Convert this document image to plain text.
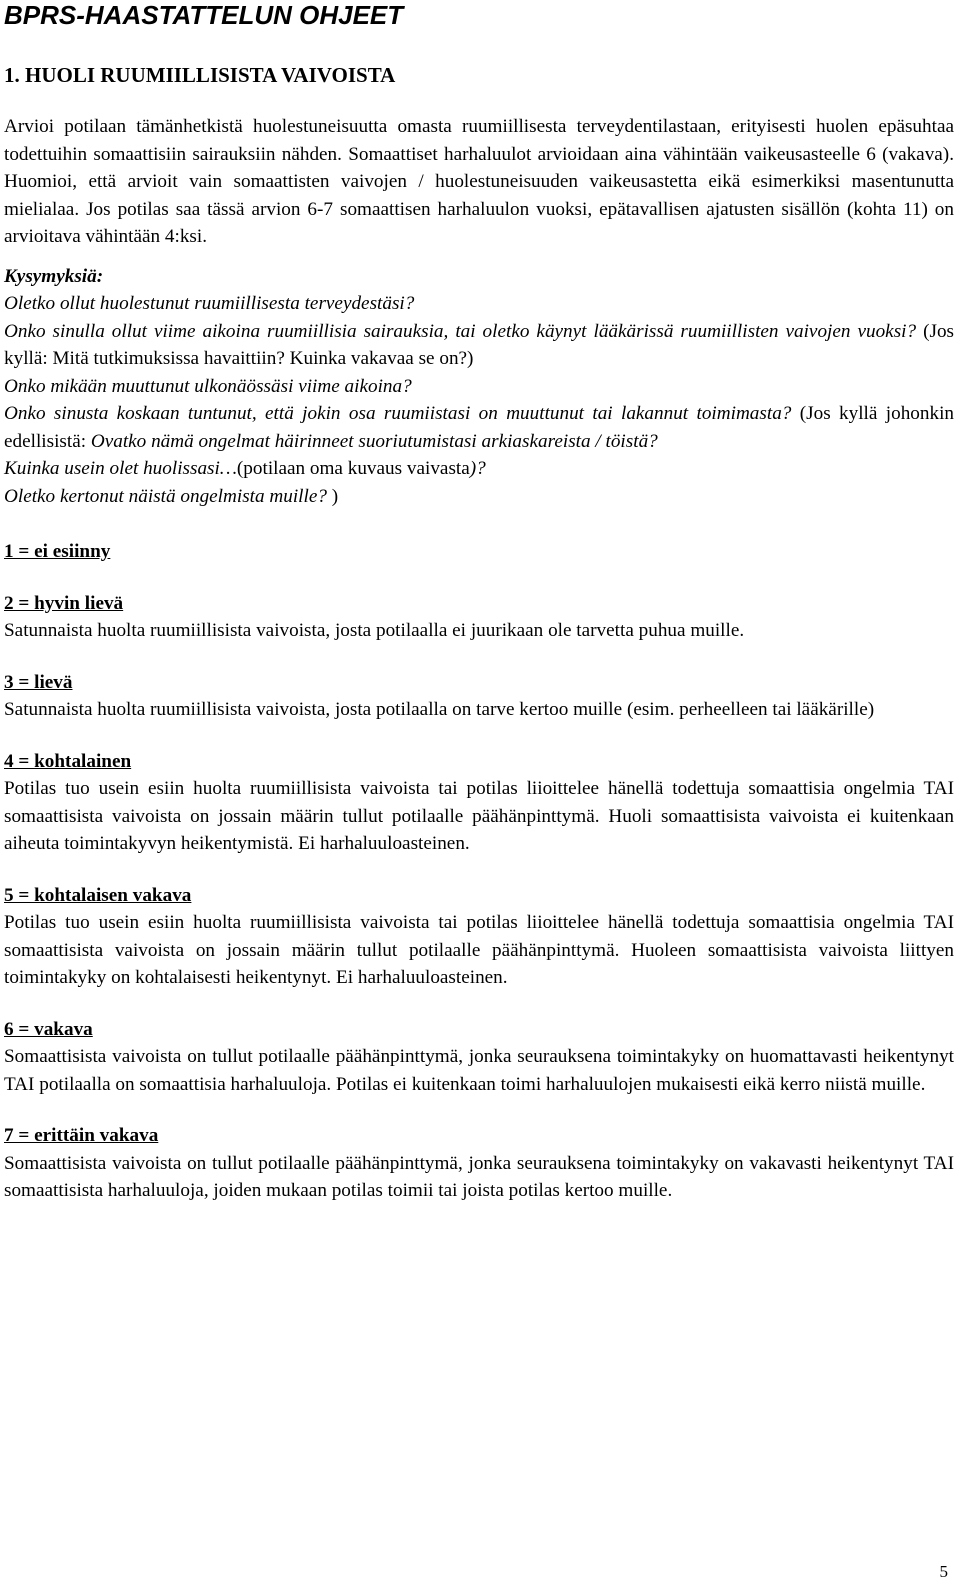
BPRS-HAASTATTELUN OHJEET
1. HUOLI RUUMIILLISISTA VAIVOISTA

Arvioi potilaan tämänhetkistä huolestuneisuutta omasta ruumiillisesta terveydentilastaan, erityisesti huolen epäsuhtaa todettuihin somaattisiin sairauksiin nähden. Somaattiset harhaluulot arvioidaan aina vähintään vaikeusasteelle 6 (vakava). Huomioi, että arvioit vain somaattisten vaivojen / huolestuneisuuden vaikeusastetta eikä esimerkiksi masentunutta mielialaa. Jos potilas saa tässä arvion 6-7 somaattisen harhaluulon vuoksi, epätavallisen ajatusten sisällön (kohta 11) on arvioitava vähintään 4:ksi.

Kysymyksiä:

Oletko ollut huolestunut ruumiillisesta terveydestäsi?

Onko sinulla ollut viime aikoina ruumiillisia sairauksia, tai oletko käynyt lääkärissä ruumiillisten vaivojen vuoksi? (Jos kyllä: Mitä tutkimuksissa havaittiin? Kuinka vakavaa se on?)

Onko mikään muuttunut ulkonäössäsi viime aikoina?

Onko sinusta koskaan tuntunut, että jokin osa ruumiistasi on muuttunut tai lakannut toimimasta? (Jos kyllä johonkin edellisistä: Ovatko nämä ongelmat häirinneet suoriutumistasi arkiaskareista / töistä?

Kuinka usein olet huolissasi…(potilaan oma kuvaus vaivasta)?

Oletko kertonut näistä ongelmista muille? )

1 = ei esiinny

2 = hyvin lievä

Satunnaista huolta ruumiillisista vaivoista, josta potilaalla ei juurikaan ole tarvetta puhua muille.

3 = lievä

Satunnaista huolta ruumiillisista vaivoista, josta potilaalla on tarve kertoo muille (esim. perheelleen tai lääkärille)

4 = kohtalainen

Potilas tuo usein esiin huolta ruumiillisista vaivoista tai potilas liioittelee hänellä todettuja somaattisia ongelmia TAI somaattisista vaivoista on jossain määrin tullut potilaalle päähänpinttymä. Huoli somaattisista vaivoista ei kuitenkaan aiheuta toimintakyvyn heikentymistä. Ei harhaluuloasteinen.

5 = kohtalaisen vakava

Potilas tuo usein esiin huolta ruumiillisista vaivoista tai potilas liioittelee hänellä todettuja somaattisia ongelmia TAI somaattisista vaivoista on jossain määrin tullut potilaalle päähänpinttymä. Huoleen somaattisista vaivoista liittyen toimintakyky on kohtalaisesti heikentynyt. Ei harhaluuloasteinen.

6 = vakava

Somaattisista vaivoista on tullut potilaalle päähänpinttymä, jonka seurauksena toimintakyky on huomattavasti heikentynyt TAI potilaalla on somaattisia harhaluuloja. Potilas ei kuitenkaan toimi harhaluulojen mukaisesti eikä kerro niistä muille.

7 = erittäin vakava

Somaattisista vaivoista on tullut potilaalle päähänpinttymä, jonka seurauksena toimintakyky on vakavasti heikentynyt TAI somaattisista harhaluuloja, joiden mukaan potilas toimii tai joista potilas kertoo muille.

5
